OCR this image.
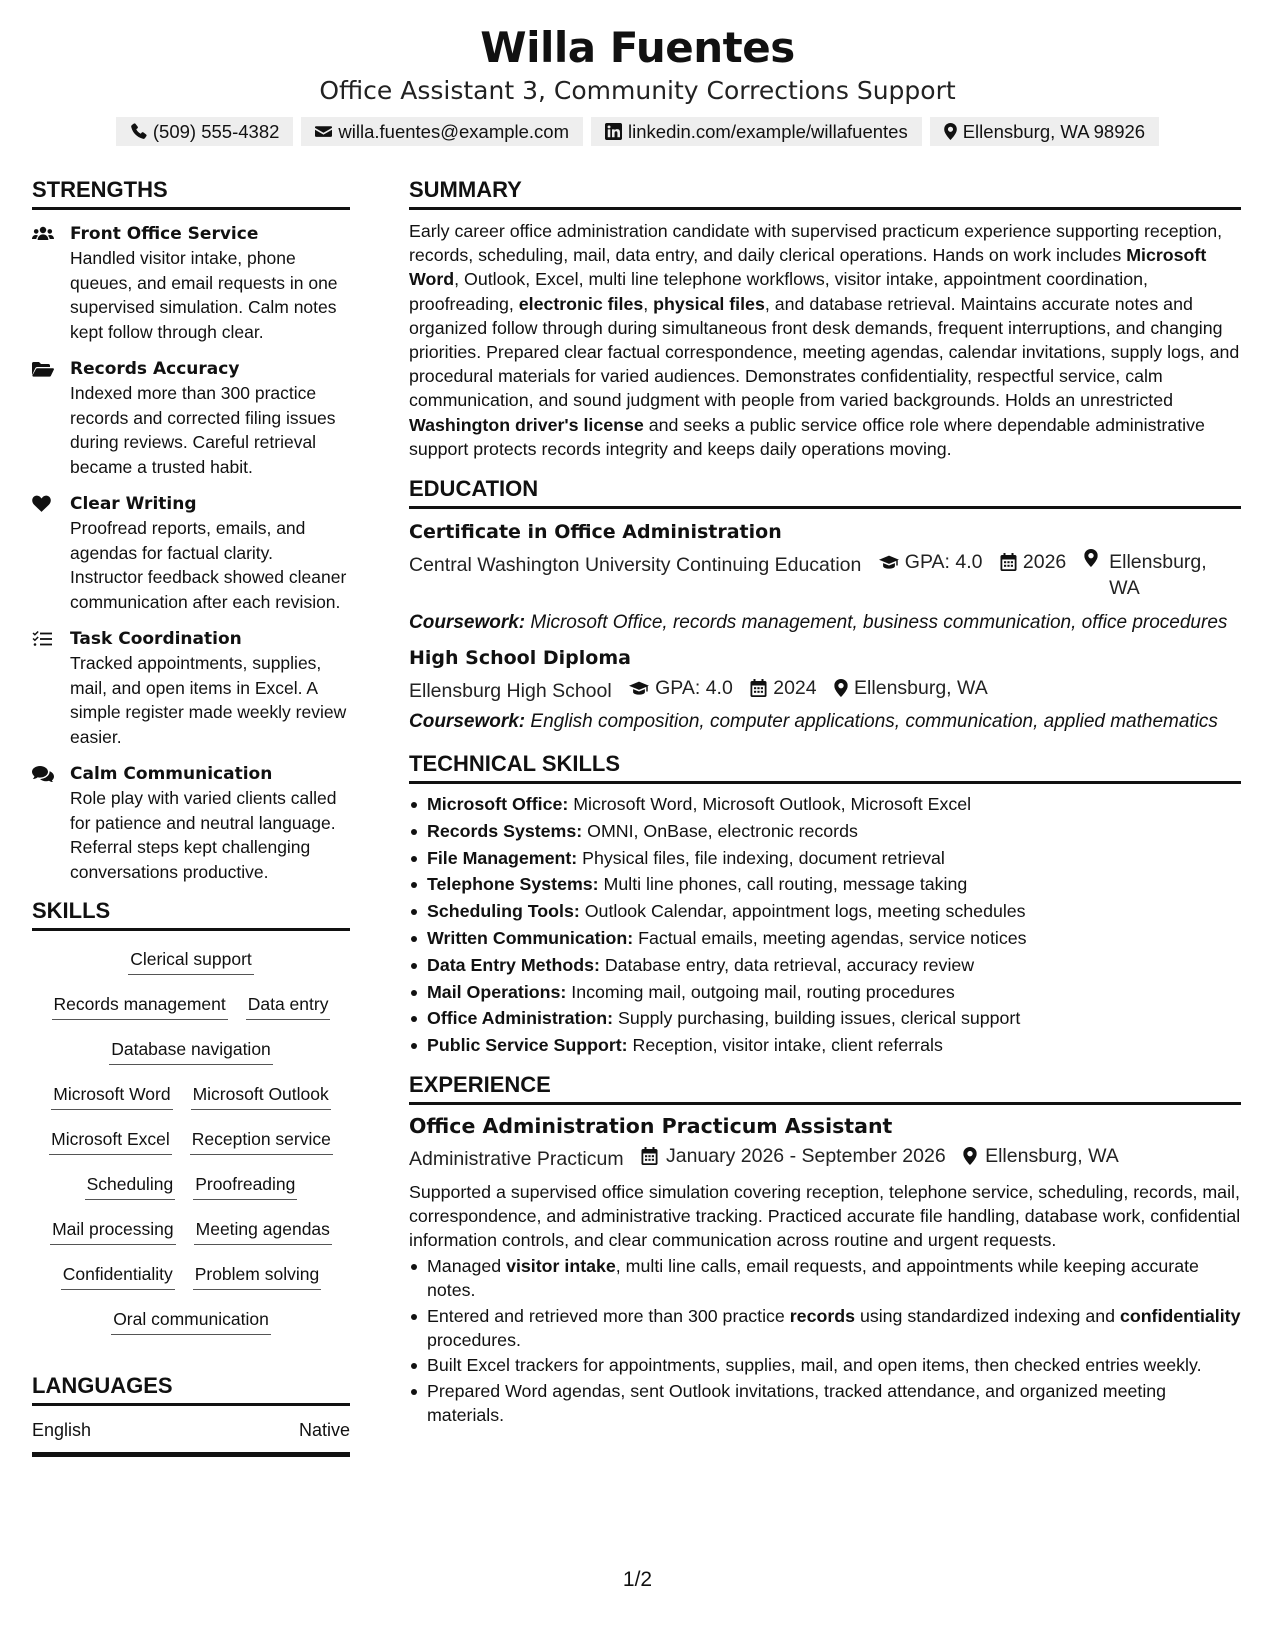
Willa Fuentes
Office Assistant 3, Community Corrections Support
(509) 555-4382	willa.fuentes@example.com	linkedin.com/example/willafuentes	Ellensburg, WA 98926
STRENGTHS
Front Office Service
Handled visitor intake, phone queues, and email requests in one supervised simulation. Calm notes kept follow through clear.
Records Accuracy
Indexed more than 300 practice records and corrected filing issues during reviews. Careful retrieval became a trusted habit.
Clear Writing
Proofread reports, emails, and agendas for factual clarity. Instructor feedback showed cleaner communication after each revision.
Task Coordination
Tracked appointments, supplies, mail, and open items in Excel. A simple register made weekly review easier.
Calm Communication
Role play with varied clients called for patience and neutral language. Referral steps kept challenging conversations productive.
SKILLS
Clerical support
Records management Data entry
Database navigation
Microsoft Word Microsoft Outlook
Microsoft Excel Reception service
Scheduling Proofreading
Mail processing Meeting agendas
Confidentiality Problem solving
Oral communication
LANGUAGES
English	Native
SUMMARY

Early career office administration candidate with supervised practicum experience supporting reception, records, scheduling, mail, data entry, and daily clerical operations. Hands on work includes Microsoft Word, Outlook, Excel, multi line telephone workflows, visitor intake, appointment coordination, proofreading, electronic files, physical files, and database retrieval. Maintains accurate notes and organized follow through during simultaneous front desk demands, frequent interruptions, and changing priorities. Prepared clear factual correspondence, meeting agendas, calendar invitations, supply logs, and procedural materials for varied audiences. Demonstrates confidentiality, respectful service, calm communication, and sound judgment with people from varied backgrounds. Holds an unrestricted Washington driver's license and seeks a public service office role where dependable administrative support protects records integrity and keeps daily operations moving.

EDUCATION
Certificate in Office Administration
Central Washington University Continuing Education GPA: 4.0
2026
Ellensburg, WA
Coursework: Microsoft Office, records management, business communication, office procedures
High School Diploma
Ellensburg High School GPA: 4.0
2024
Ellensburg, WA
Coursework: English composition, computer applications, communication, applied mathematics
TECHNICAL SKILLS
Microsoft Office: Microsoft Word, Microsoft Outlook, Microsoft Excel
Records Systems: OMNI, OnBase, electronic records
File Management: Physical files, file indexing, document retrieval
Telephone Systems: Multi line phones, call routing, message taking
Scheduling Tools: Outlook Calendar, appointment logs, meeting schedules
Written Communication: Factual emails, meeting agendas, service notices
Data Entry Methods: Database entry, data retrieval, accuracy review
Mail Operations: Incoming mail, outgoing mail, routing procedures
Office Administration: Supply purchasing, building issues, clerical support
Public Service Support: Reception, visitor intake, client referrals
EXPERIENCE
Office Administration Practicum Assistant
Administrative Practicum January 2026 - September 2026
Ellensburg, WA

Supported a supervised office simulation covering reception, telephone service, scheduling, records, mail, correspondence, and administrative tracking. Practiced accurate file handling, database work, confidential information controls, and clear communication across routine and urgent requests.

Managed visitor intake, multi line calls, email requests, and appointments while keeping accurate notes.
Entered and retrieved more than 300 practice records using standardized indexing and confidentiality procedures.
Built Excel trackers for appointments, supplies, mail, and open items, then checked entries weekly.
Prepared Word agendas, sent Outlook invitations, tracked attendance, and organized meeting materials.
1/2
